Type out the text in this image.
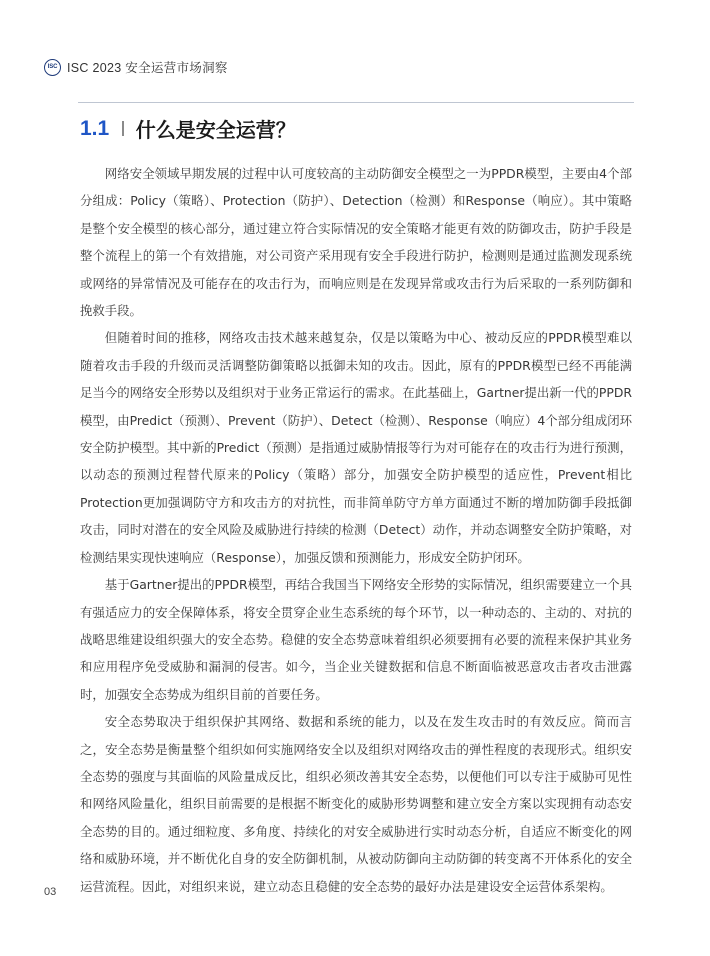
ISC ISC 2023 安全运营市场洞察
1.1 什么是安全运营？

网络安全领域早期发展的过程中认可度较高的主动防御安全模型之一为PPDR模型，主要由4个部分组成：Policy（策略）、Protection（防护）、Detection（检测）和Response（响应）。其中策略是整个安全模型的核心部分，通过建立符合实际情况的安全策略才能更有效的防御攻击，防护手段是整个流程上的第一个有效措施，对公司资产采用现有安全手段进行防护，检测则是通过监测发现系统或网络的异常情况及可能存在的攻击行为，而响应则是在发现异常或攻击行为后采取的一系列防御和挽救手段。

但随着时间的推移，网络攻击技术越来越复杂，仅是以策略为中心、被动反应的PPDR模型难以随着攻击手段的升级而灵活调整防御策略以抵御未知的攻击。因此，原有的PPDR模型已经不再能满足当今的网络安全形势以及组织对于业务正常运行的需求。在此基础上，Gartner提出新一代的PPDR模型，由Predict（预测）、Prevent（防护）、Detect（检测）、Response（响应）4个部分组成闭环安全防护模型。其中新的Predict（预测）是指通过威胁情报等行为对可能存在的攻击行为进行预测，以动态的预测过程替代原来的Policy（策略）部分，加强安全防护模型的适应性，Prevent相比Protection更加强调防守方和攻击方的对抗性，而非简单防守方单方面通过不断的增加防御手段抵御攻击，同时对潜在的安全风险及威胁进行持续的检测（Detect）动作，并动态调整安全防护策略，对检测结果实现快速响应（Response），加强反馈和预测能力，形成安全防护闭环。

基于Gartner提出的PPDR模型，再结合我国当下网络安全形势的实际情况，组织需要建立一个具有强适应力的安全保障体系，将安全贯穿企业生态系统的每个环节，以一种动态的、主动的、对抗的战略思维建设组织强大的安全态势。稳健的安全态势意味着组织必须要拥有必要的流程来保护其业务和应用程序免受威胁和漏洞的侵害。如今，当企业关键数据和信息不断面临被恶意攻击者攻击泄露时，加强安全态势成为组织目前的首要任务。

安全态势取决于组织保护其网络、数据和系统的能力，以及在发生攻击时的有效反应。简而言之，安全态势是衡量整个组织如何实施网络安全以及组织对网络攻击的弹性程度的表现形式。组织安全态势的强度与其面临的风险量成反比，组织必须改善其安全态势，以便他们可以专注于威胁可见性和网络风险量化，组织目前需要的是根据不断变化的威胁形势调整和建立安全方案以实现拥有动态安全态势的目的。通过细粒度、多角度、持续化的对安全威胁进行实时动态分析，自适应不断变化的网络和威胁环境，并不断优化自身的安全防御机制，从被动防御向主动防御的转变离不开体系化的安全运营流程。因此，对组织来说，建立动态且稳健的安全态势的最好办法是建设安全运营体系架构。

03
